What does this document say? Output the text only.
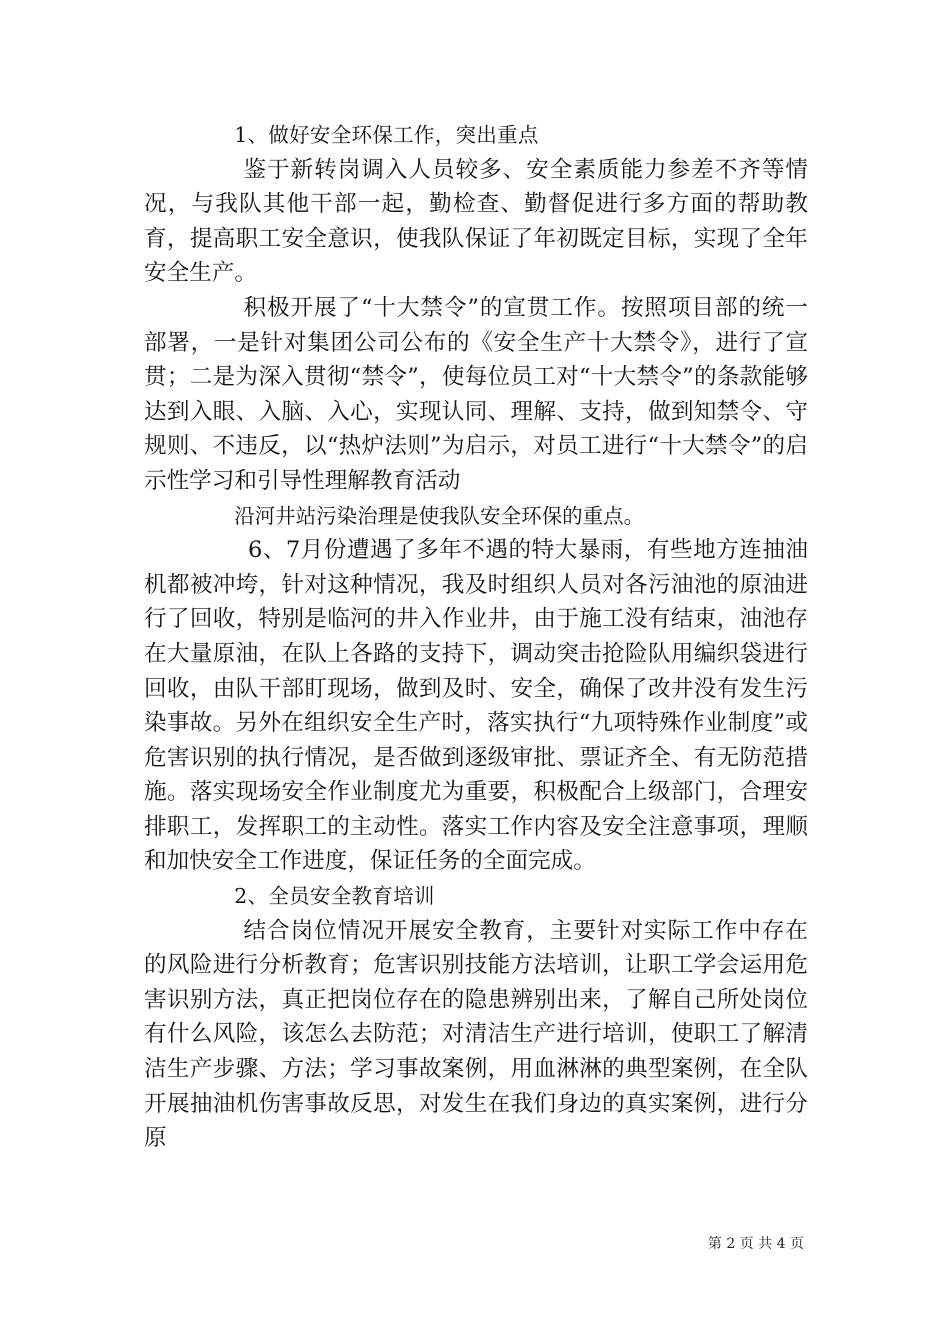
1、做好安全环保工作，突出重点

鉴于新转岗调入人员较多、安全素质能力参差不齐等情况，与我队其他干部一起，勤检查、勤督促进行多方面的帮助教育，提高职工安全意识，使我队保证了年初既定目标，实现了全年安全生产。

积极开展了“十大禁令”的宣贯工作。按照项目部的统一部署，一是针对集团公司公布的《安全生产十大禁令》，进行了宣贯；二是为深入贯彻“禁令”，使每位员工对“十大禁令”的条款能够达到入眼、入脑、入心，实现认同、理解、支持，做到知禁令、守规则、不违反，以“热炉法则”为启示，对员工进行“十大禁令”的启示性学习和引导性理解教育活动

沿河井站污染治理是使我队安全环保的重点。

6、7月份遭遇了多年不遇的特大暴雨，有些地方连抽油机都被冲垮，针对这种情况，我及时组织人员对各污油池的原油进行了回收，特别是临河的井入作业井，由于施工没有结束，油池存在大量原油，在队上各路的支持下，调动突击抢险队用编织袋进行回收，由队干部盯现场，做到及时、安全，确保了改井没有发生污染事故。另外在组织安全生产时，落实执行“九项特殊作业制度”或危害识别的执行情况，是否做到逐级审批、票证齐全、有无防范措施。落实现场安全作业制度尤为重要，积极配合上级部门，合理安排职工，发挥职工的主动性。落实工作内容及安全注意事项，理顺和加快安全工作进度，保证任务的全面完成。

2、全员安全教育培训

结合岗位情况开展安全教育，主要针对实际工作中存在的风险进行分析教育；危害识别技能方法培训，让职工学会运用危害识别方法，真正把岗位存在的隐患辨别出来，了解自己所处岗位有什么风险，该怎么去防范；对清洁生产进行培训，使职工了解清洁生产步骤、方法；学习事故案例，用血淋淋的典型案例，在全队开展抽油机伤害事故反思，对发生在我们身边的真实案例，进行分原

第 2 页 共 4 页
